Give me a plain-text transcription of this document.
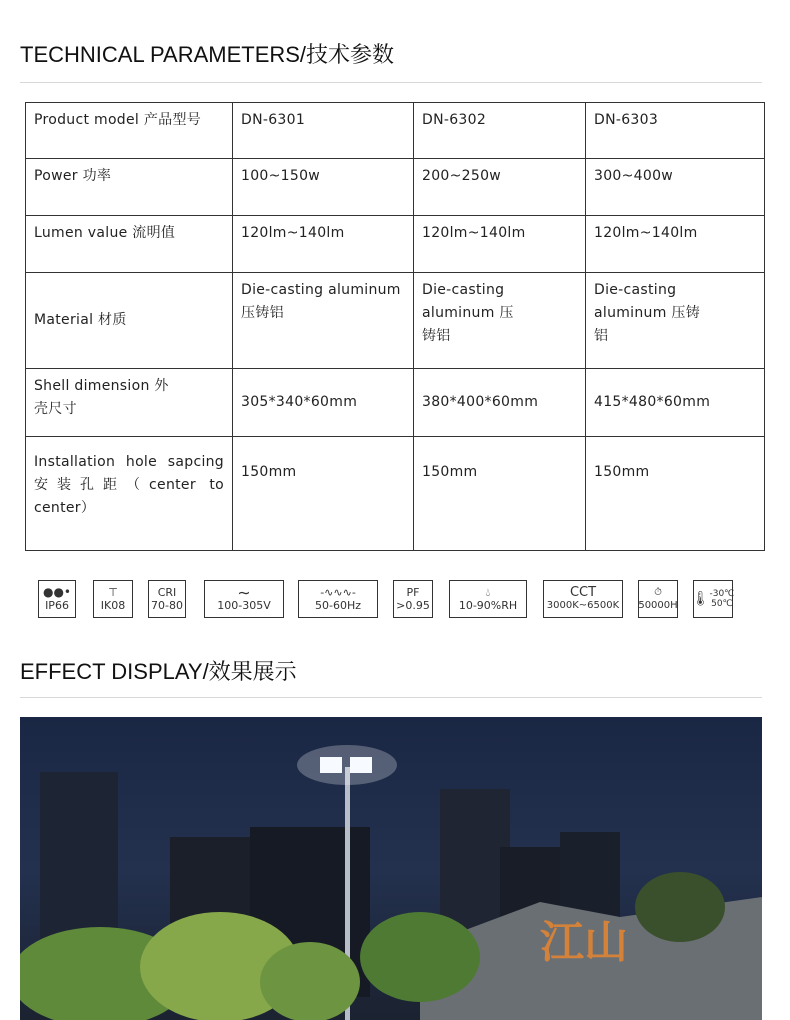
TECHNICAL PARAMETERS/技术参数
Product model 产品型号	DN-6301	DN-6302	DN-6303
Power 功率	100~150w	200~250w	300~400w
Lumen value 流明值	120lm~140lm	120lm~140lm	120lm~140lm
Material 材质	Die-casting aluminum 压铸铝	Die-casting aluminum 压铸铝	Die-casting aluminum 压铸铝
Shell dimension 外壳尺寸	305*340*60mm	380*400*60mm	415*480*60mm
Installation hole sapcing 安装孔距（center to center）	150mm	150mm	150mm
●●•
IP66
⊤
IK08
CRI
70-80
∼
100-305V
-∿∿∿-
50-60Hz
PF
>0.95
💧︎
10-90%RH
CCT
3000K~6500K
⏱︎
50000H 🌡︎ -30℃
50℃
EFFECT DISPLAY/效果展示
江山
